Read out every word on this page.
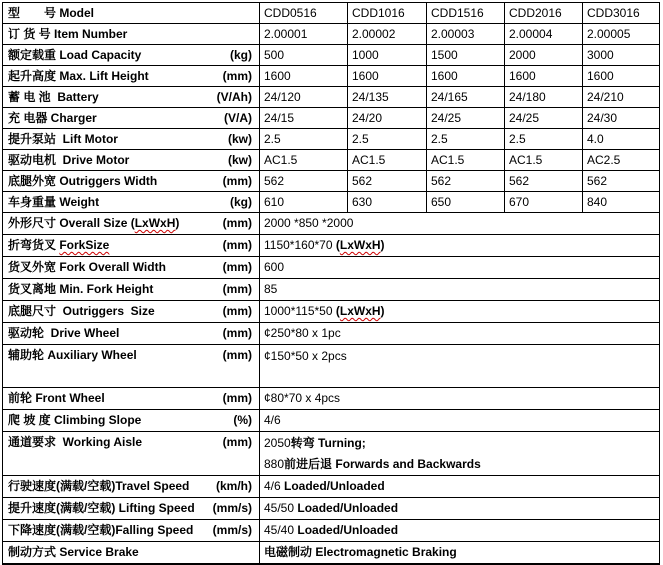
型　　号 Model	CDD0516	CDD1016	CDD1516	CDD2016	CDD3016

订 货 号 Item Number	2.00001	2.00002	2.00003	2.00004	2.00005

额定载重 Load Capacity (kg)	500	1000	1500	2000	3000

起升高度 Max. Lift Height (mm)	1600	1600	1600	1600	1600

蓄 电 池  Battery (V/Ah)	24/120	24/135	24/165	24/180	24/210

充 电器 Charger (V/A)	24/15	24/20	24/25	24/25	24/30

提升泵站  Lift Motor (kw)	2.5	2.5	2.5	2.5	4.0

驱动电机  Drive Motor (kw)	AC1.5	AC1.5	AC1.5	AC1.5	AC2.5

底腿外宽 Outriggers Width (mm)	562	562	562	562	562

车身重量 Weight (kg)	610	630	650	670	840

外形尺寸 Overall Size (LxWxH) (mm)	2000 *850 *2000				

折弯货叉 ForkSize (mm)	1150*160*70 (LxWxH)				

货叉外宽 Fork Overall Width (mm)	600				

货叉离地 Min. Fork Height (mm)	85				

底腿尺寸  Outriggers  Size (mm)	1000*115*50 (LxWxH)				

驱动轮  Drive Wheel (mm)	¢250*80 x 1pc				

辅助轮 Auxiliary Wheel (mm)	¢150*50 x 2pcs				

前轮 Front Wheel (mm)	¢80*70 x 4pcs				

爬 坡 度 Climbing Slope (%)	4/6				

通道要求  Working Aisle	(mm)	2050转弯 Turning;
880前进后退 Forwards and Backwards

行驶速度(满载/空载)Travel Speed (km/h)	4/6 Loaded/Unloaded				

提升速度(满载/空载) Lifting Speed (mm/s)	45/50 Loaded/Unloaded				

下降速度(满载/空载)Falling Speed (mm/s)	45/40 Loaded/Unloaded				

制动方式 Service Brake	电磁制动 Electromagnetic Braking				
